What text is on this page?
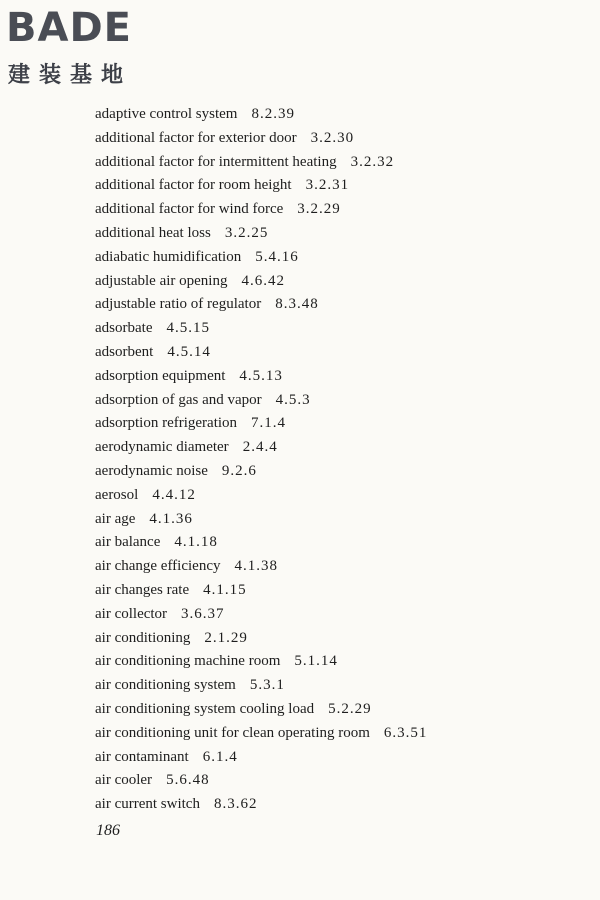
BADE
建装基地
adaptive control system 8.2.39
additional factor for exterior door 3.2.30
additional factor for intermittent heating 3.2.32
additional factor for room height 3.2.31
additional factor for wind force 3.2.29
additional heat loss 3.2.25
adiabatic humidification 5.4.16
adjustable air opening 4.6.42
adjustable ratio of regulator 8.3.48
adsorbate 4.5.15
adsorbent 4.5.14
adsorption equipment 4.5.13
adsorption of gas and vapor 4.5.3
adsorption refrigeration 7.1.4
aerodynamic diameter 2.4.4
aerodynamic noise 9.2.6
aerosol 4.4.12
air age 4.1.36
air balance 4.1.18
air change efficiency 4.1.38
air changes rate 4.1.15
air collector 3.6.37
air conditioning 2.1.29
air conditioning machine room 5.1.14
air conditioning system 5.3.1
air conditioning system cooling load 5.2.29
air conditioning unit for clean operating room 6.3.51
air contaminant 6.1.4
air cooler 5.6.48
air current switch 8.3.62
186
